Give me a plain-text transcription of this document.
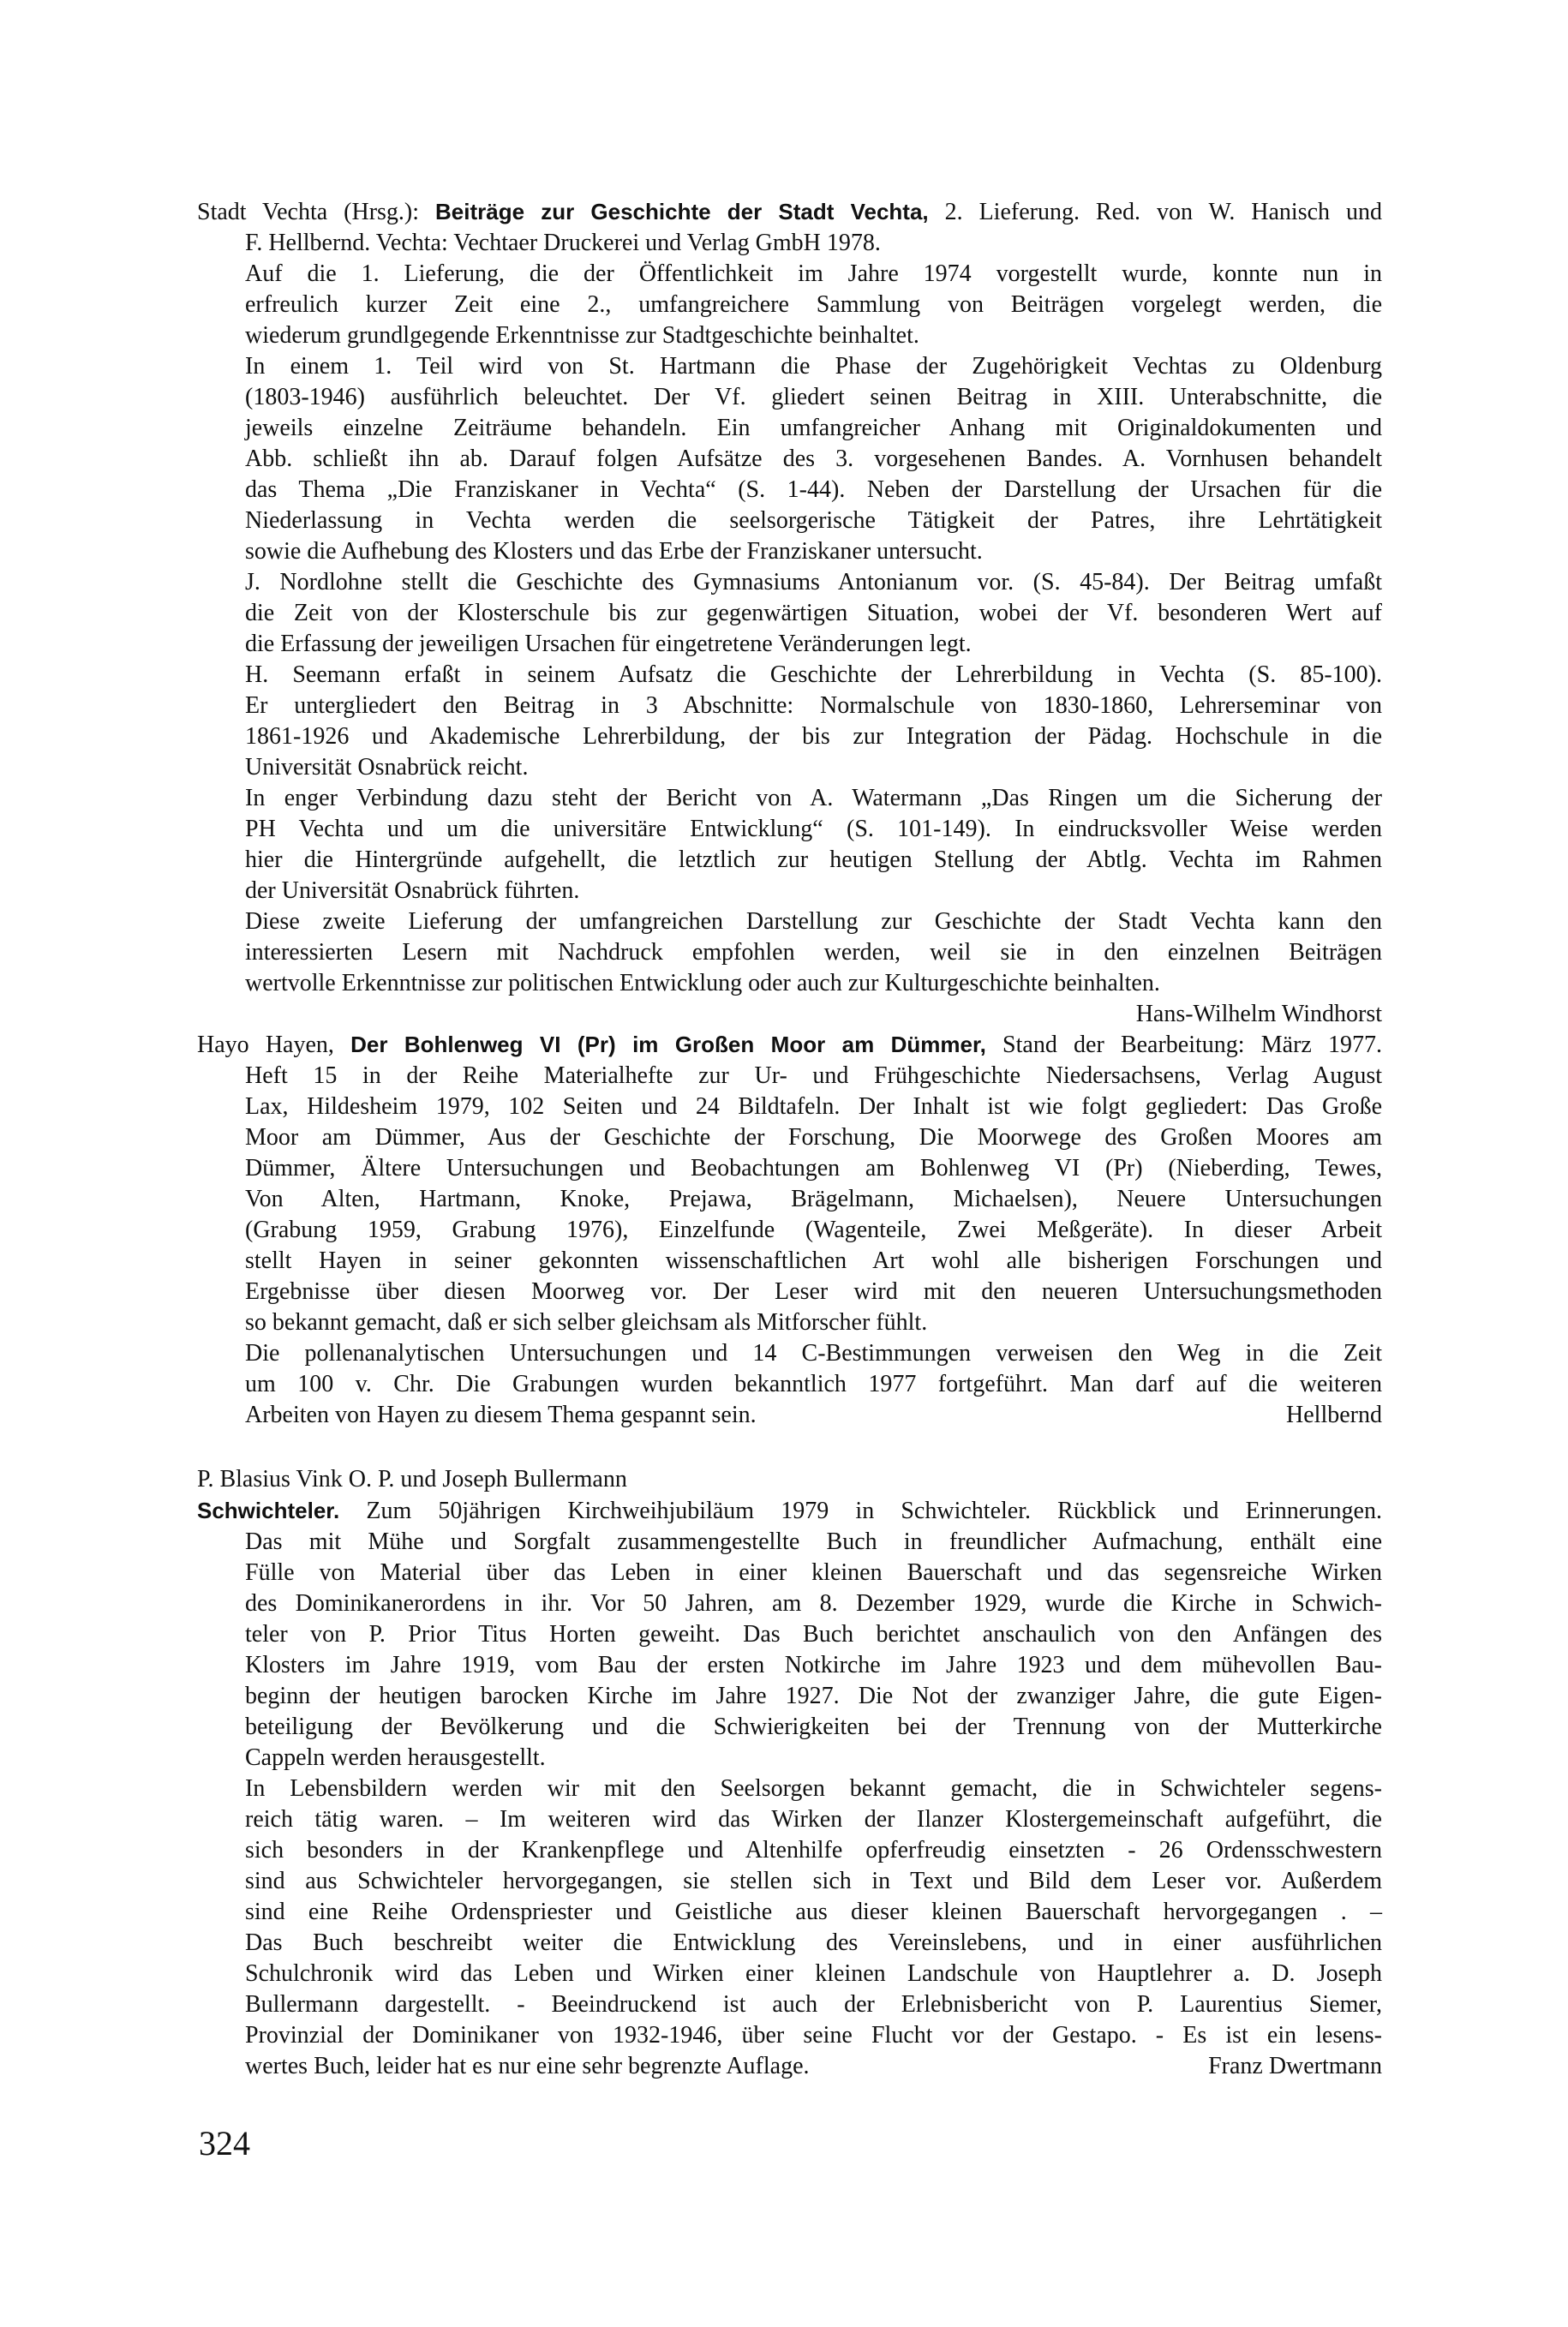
Stadt Vechta (Hrsg.): Beiträge zur Geschichte der Stadt Vechta, 2. Lieferung. Red. von W. Hanisch und
F. Hellbernd. Vechta: Vechtaer Druckerei und Verlag GmbH 1978.
Auf die 1. Lieferung, die der Öffentlichkeit im Jahre 1974 vorgestellt wurde, konnte nun in
erfreulich kurzer Zeit eine 2., umfangreichere Sammlung von Beiträgen vorgelegt werden, die
wiederum grundlgegende Erkenntnisse zur Stadtgeschichte beinhaltet.
In einem 1. Teil wird von St. Hartmann die Phase der Zugehörigkeit Vechtas zu Oldenburg
(1803-1946) ausführlich beleuchtet. Der Vf. gliedert seinen Beitrag in XIII. Unterabschnitte, die
jeweils einzelne Zeiträume behandeln. Ein umfangreicher Anhang mit Originaldokumenten und
Abb. schließt ihn ab. Darauf folgen Aufsätze des 3. vorgesehenen Bandes. A. Vornhusen behandelt
das Thema „Die Franziskaner in Vechta“ (S. 1-44). Neben der Darstellung der Ursachen für die
Niederlassung in Vechta werden die seelsorgerische Tätigkeit der Patres, ihre Lehrtätigkeit
sowie die Aufhebung des Klosters und das Erbe der Franziskaner untersucht.
J. Nordlohne stellt die Geschichte des Gymnasiums Antonianum vor. (S. 45-84). Der Beitrag umfaßt
die Zeit von der Klosterschule bis zur gegenwärtigen Situation, wobei der Vf. besonderen Wert auf
die Erfassung der jeweiligen Ursachen für eingetretene Veränderungen legt.
H. Seemann erfaßt in seinem Aufsatz die Geschichte der Lehrerbildung in Vechta (S. 85-100).
Er untergliedert den Beitrag in 3 Abschnitte: Normalschule von 1830-1860, Lehrerseminar von
1861-1926 und Akademische Lehrerbildung, der bis zur Integration der Pädag. Hochschule in die
Universität Osnabrück reicht.
In enger Verbindung dazu steht der Bericht von A. Watermann „Das Ringen um die Sicherung der
PH Vechta und um die universitäre Entwicklung“ (S. 101-149). In eindrucksvoller Weise werden
hier die Hintergründe aufgehellt, die letztlich zur heutigen Stellung der Abtlg. Vechta im Rahmen
der Universität Osnabrück führten.
Diese zweite Lieferung der umfangreichen Darstellung zur Geschichte der Stadt Vechta kann den
interessierten Lesern mit Nachdruck empfohlen werden, weil sie in den einzelnen Beiträgen
wertvolle Erkenntnisse zur politischen Entwicklung oder auch zur Kulturgeschichte beinhalten.
Hans-Wilhelm Windhorst
Hayo Hayen, Der Bohlenweg VI (Pr) im Großen Moor am Dümmer, Stand der Bearbeitung: März 1977.
Heft 15 in der Reihe Materialhefte zur Ur- und Frühgeschichte Niedersachsens, Verlag August
Lax, Hildesheim 1979, 102 Seiten und 24 Bildtafeln. Der Inhalt ist wie folgt gegliedert: Das Große
Moor am Dümmer, Aus der Geschichte der Forschung, Die Moorwege des Großen Moores am
Dümmer, Ältere Untersuchungen und Beobachtungen am Bohlenweg VI (Pr) (Nieberding, Tewes,
Von Alten, Hartmann, Knoke, Prejawa, Brägelmann, Michaelsen), Neuere Untersuchungen
(Grabung 1959, Grabung 1976), Einzelfunde (Wagenteile, Zwei Meßgeräte). In dieser Arbeit
stellt Hayen in seiner gekonnten wissenschaftlichen Art wohl alle bisherigen Forschungen und
Ergebnisse über diesen Moorweg vor. Der Leser wird mit den neueren Untersuchungsmethoden
so bekannt gemacht, daß er sich selber gleichsam als Mitforscher fühlt.
Die pollenanalytischen Untersuchungen und 14 C-Bestimmungen verweisen den Weg in die Zeit
um 100 v. Chr. Die Grabungen wurden bekanntlich 1977 fortgeführt. Man darf auf die weiteren
Arbeiten von Hayen zu diesem Thema gespannt sein.	Hellbernd
P. Blasius Vink O. P. und Joseph Bullermann
Schwichteler. Zum 50jährigen Kirchweihjubiläum 1979 in Schwichteler. Rückblick und Erinnerungen.
Das mit Mühe und Sorgfalt zusammengestellte Buch in freundlicher Aufmachung, enthält eine
Fülle von Material über das Leben in einer kleinen Bauerschaft und das segensreiche Wirken
des Dominikanerordens in ihr. Vor 50 Jahren, am 8. Dezember 1929, wurde die Kirche in Schwich-
teler von P. Prior Titus Horten geweiht. Das Buch berichtet anschaulich von den Anfängen des
Klosters im Jahre 1919, vom Bau der ersten Notkirche im Jahre 1923 und dem mühevollen Bau-
beginn der heutigen barocken Kirche im Jahre 1927. Die Not der zwanziger Jahre, die gute Eigen-
beteiligung der Bevölkerung und die Schwierigkeiten bei der Trennung von der Mutterkirche
Cappeln werden herausgestellt.
In Lebensbildern werden wir mit den Seelsorgen bekannt gemacht, die in Schwichteler segens-
reich tätig waren. – Im weiteren wird das Wirken der Ilanzer Klostergemeinschaft aufgeführt, die
sich besonders in der Krankenpflege und Altenhilfe opferfreudig einsetzten - 26 Ordensschwestern
sind aus Schwichteler hervorgegangen, sie stellen sich in Text und Bild dem Leser vor. Außerdem
sind eine Reihe Ordenspriester und Geistliche aus dieser kleinen Bauerschaft hervorgegangen . –
Das Buch beschreibt weiter die Entwicklung des Vereinslebens, und in einer ausführlichen
Schulchronik wird das Leben und Wirken einer kleinen Landschule von Hauptlehrer a. D. Joseph
Bullermann dargestellt. - Beeindruckend ist auch der Erlebnisbericht von P. Laurentius Siemer,
Provinzial der Dominikaner von 1932-1946, über seine Flucht vor der Gestapo. - Es ist ein lesens-
wertes Buch, leider hat es nur eine sehr begrenzte Auflage.	Franz Dwertmann
324
